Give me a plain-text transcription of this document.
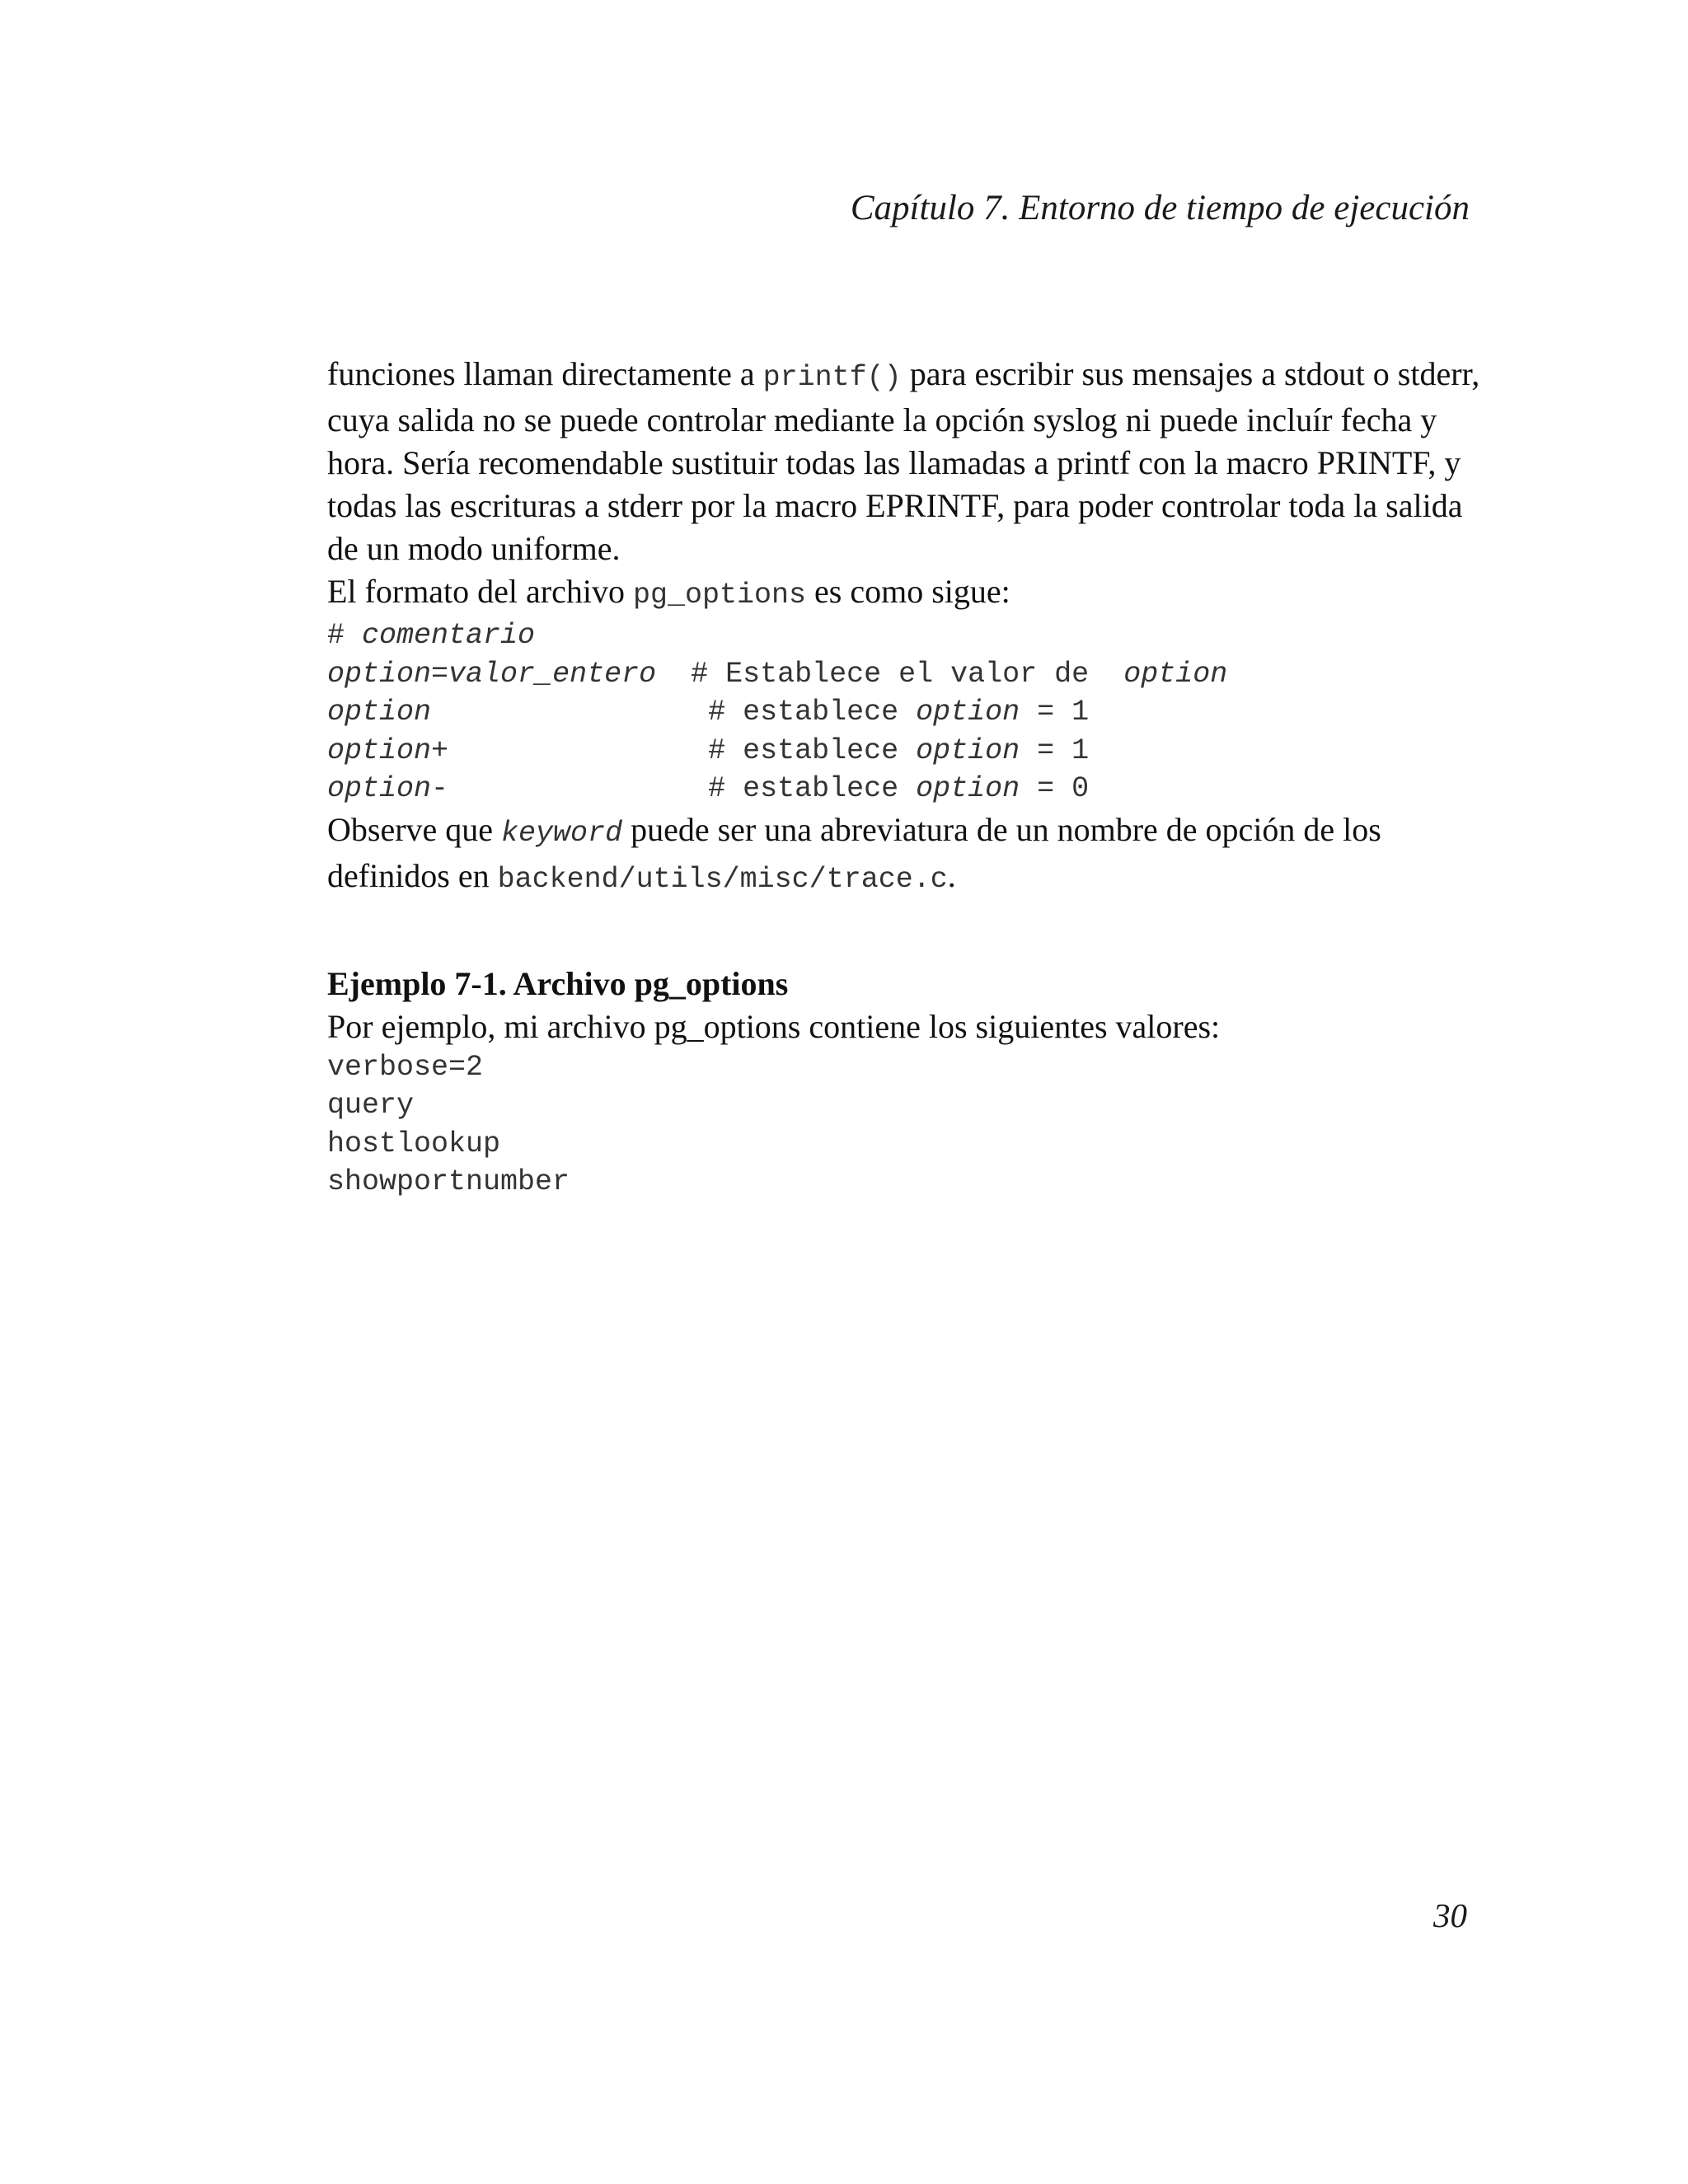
Capítulo 7. Entorno de tiempo de ejecución

funciones llaman directamente a printf() para escribir sus mensajes a stdout o stderr, cuya salida no se puede controlar mediante la opción syslog ni puede incluír fecha y hora. Sería recomendable sustituir todas las llamadas a printf con la macro PRINTF, y todas las escrituras a stderr por la macro EPRINTF, para poder controlar toda la salida de un modo uniforme.

El formato del archivo pg_options es como sigue:

# comentario
option=valor_entero  # Establece el valor de  option
option                # establece option = 1
option+               # establece option = 1
option-               # establece option = 0

Observe que keyword puede ser una abreviatura de un nombre de opción de los definidos en backend/utils/misc/trace.c.

Ejemplo 7-1. Archivo pg_options

Por ejemplo, mi archivo pg_options contiene los siguientes valores:

verbose=2
query
hostlookup
showportnumber
30
